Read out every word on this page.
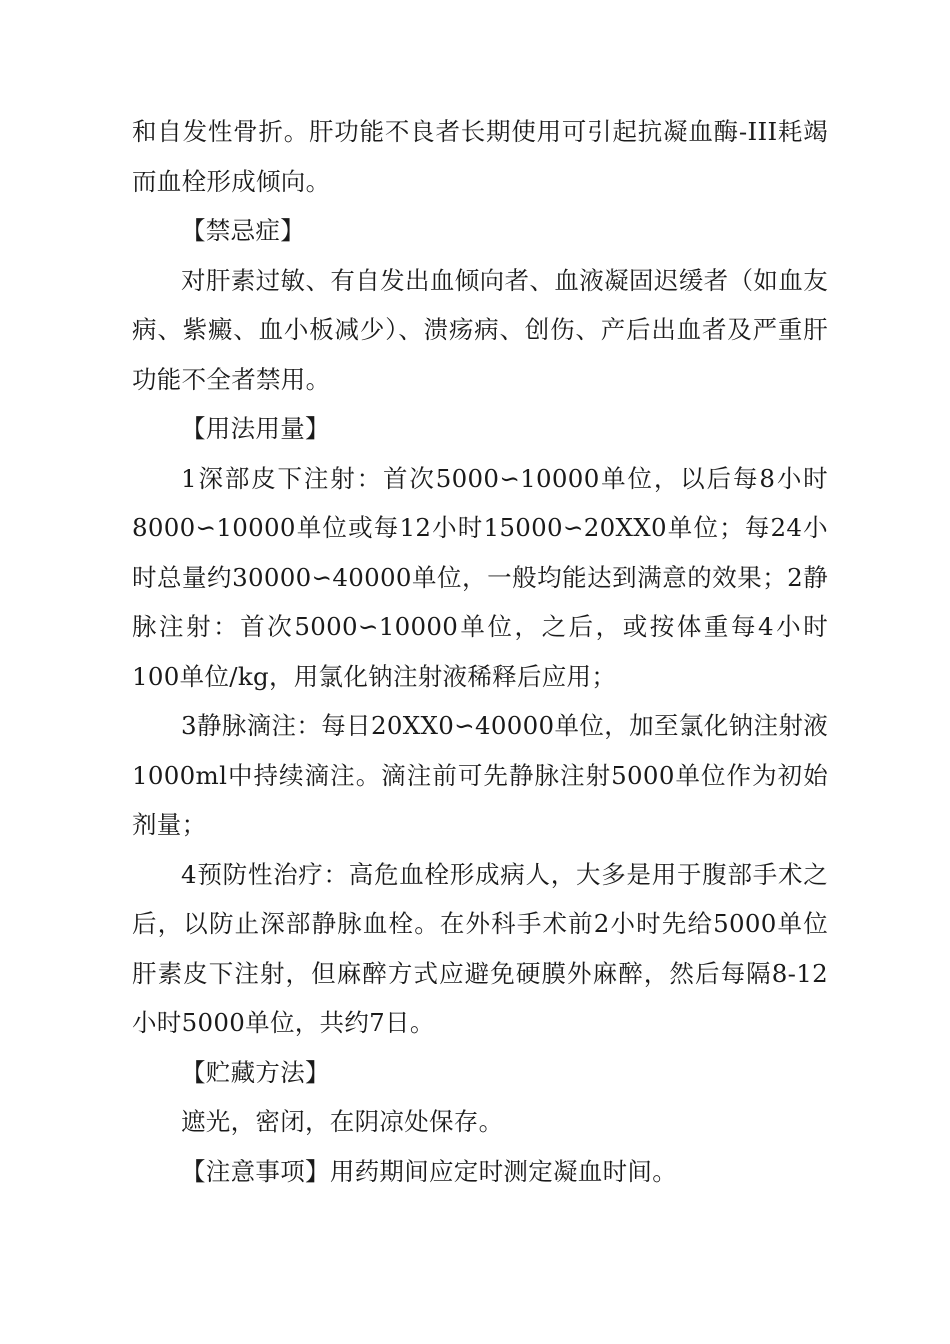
和自发性骨折。肝功能不良者长期使用可引起抗凝血酶-III耗竭而血栓形成倾向。

【禁忌症】

对肝素过敏、有自发出血倾向者、血液凝固迟缓者（如血友病、紫癜、血小板减少）、溃疡病、创伤、产后出血者及严重肝功能不全者禁用。

【用法用量】

1深部皮下注射：首次5000∽10000单位，以后每8小时8000∽10000单位或每12小时15000∽20XX0单位；每24小时总量约30000∽40000单位，一般均能达到满意的效果；2静脉注射：首次5000∽10000单位，之后，或按体重每4小时100单位/kg，用氯化钠注射液稀释后应用；

3静脉滴注：每日20XX0∽40000单位，加至氯化钠注射液1000ml中持续滴注。滴注前可先静脉注射5000单位作为初始剂量；

4预防性治疗：高危血栓形成病人，大多是用于腹部手术之后，以防止深部静脉血栓。在外科手术前2小时先给5000单位肝素皮下注射，但麻醉方式应避免硬膜外麻醉，然后每隔8-12小时5000单位，共约7日。

【贮藏方法】

遮光，密闭，在阴凉处保存。

【注意事项】用药期间应定时测定凝血时间。
